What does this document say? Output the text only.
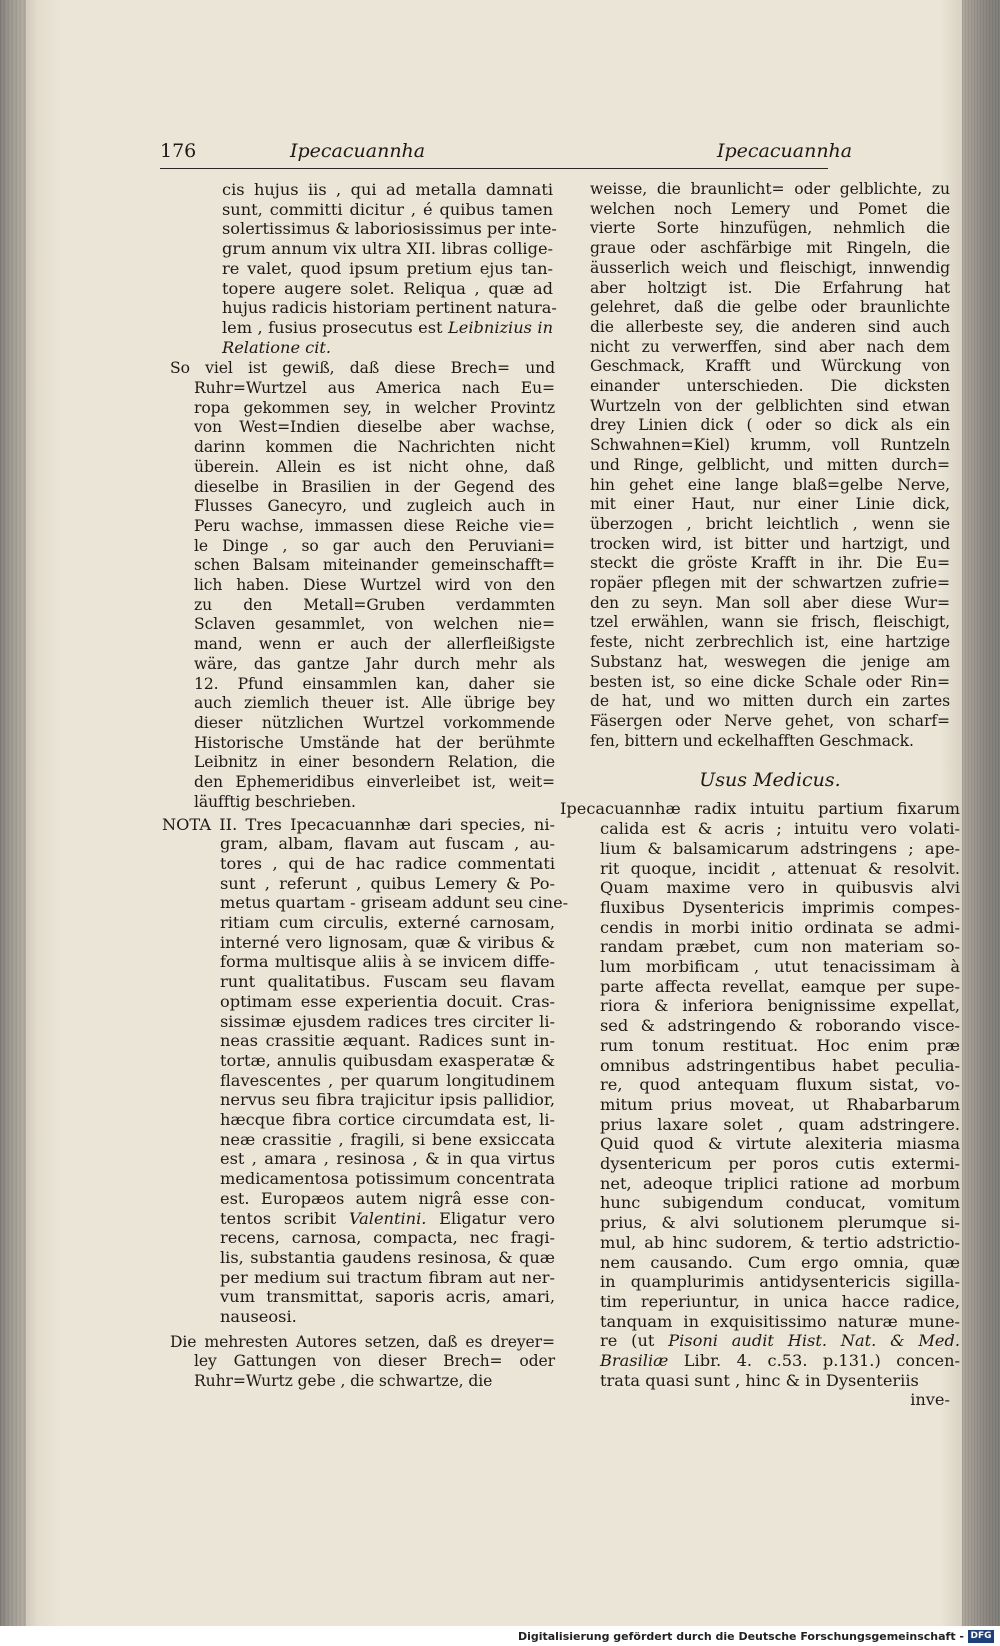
176	Ipecacuannha	Ipecacuannha
cis hujus iis , qui ad metalla damnati
sunt, committi dicitur , é quibus tamen
solertissimus & laboriosissimus per inte-
grum annum vix ultra XII. libras collige-
re valet, quod ipsum pretium ejus tan-
topere augere solet. Reliqua , quæ ad
hujus radicis historiam pertinent natura-
lem , fusius prosecutus est Leibnizius in
Relatione cit.
So viel ist gewiß, daß diese Brech= und
Ruhr=Wurtzel aus America nach Eu=
ropa gekommen sey, in welcher Provintz
von West=Indien dieselbe aber wachse,
darinn kommen die Nachrichten nicht
überein. Allein es ist nicht ohne, daß
dieselbe in Brasilien in der Gegend des
Flusses Ganecyro, und zugleich auch in
Peru wachse, immassen diese Reiche vie=
le Dinge , so gar auch den Peruviani=
schen Balsam miteinander gemeinschafft=
lich haben. Diese Wurtzel wird von den
zu den Metall=Gruben verdammten
Sclaven gesammlet, von welchen nie=
mand, wenn er auch der allerfleißigste
wäre, das gantze Jahr durch mehr als
12. Pfund einsammlen kan, daher sie
auch ziemlich theuer ist. Alle übrige bey
dieser nützlichen Wurtzel vorkommende
Historische Umstände hat der berühmte
Leibnitz in einer besondern Relation, die
den Ephemeridibus einverleibet ist, weit=
läufftig beschrieben.
NOTA II. Tres Ipecacuannhæ dari species, ni-
gram, albam, flavam aut fuscam , au-
tores , qui de hac radice commentati
sunt , referunt , quibus Lemery & Po-
metus quartam - griseam addunt seu cine-
ritiam cum circulis, externé carnosam,
interné vero lignosam, quæ & viribus &
forma multisque aliis à se invicem diffe-
runt qualitatibus. Fuscam seu flavam
optimam esse experientia docuit. Cras-
sissimæ ejusdem radices tres circiter li-
neas crassitie æquant. Radices sunt in-
tortæ, annulis quibusdam exasperatæ &
flavescentes , per quarum longitudinem
nervus seu fibra trajicitur ipsis pallidior,
hæcque fibra cortice circumdata est, li-
neæ crassitie , fragili, si bene exsiccata
est , amara , resinosa , & in qua virtus
medicamentosa potissimum concentrata
est. Europæos autem nigrâ esse con-
tentos scribit Valentini. Eligatur vero
recens, carnosa, compacta, nec fragi-
lis, substantia gaudens resinosa, & quæ
per medium sui tractum fibram aut ner-
vum transmittat, saporis acris, amari,
nauseosi.
Die mehresten Autores setzen, daß es dreyer=
ley Gattungen von dieser Brech= oder
Ruhr=Wurtz gebe , die schwartze, die
weisse, die braunlicht= oder gelblichte, zu
welchen noch Lemery und Pomet die
vierte Sorte hinzufügen, nehmlich die
graue oder aschfärbige mit Ringeln, die
äusserlich weich und fleischigt, innwendig
aber holtzigt ist. Die Erfahrung hat
gelehret, daß die gelbe oder braunlichte
die allerbeste sey, die anderen sind auch
nicht zu verwerffen, sind aber nach dem
Geschmack, Krafft und Würckung von
einander unterschieden. Die dicksten
Wurtzeln von der gelblichten sind etwan
drey Linien dick ( oder so dick als ein
Schwahnen=Kiel) krumm, voll Runtzeln
und Ringe, gelblicht, und mitten durch=
hin gehet eine lange blaß=gelbe Nerve,
mit einer Haut, nur einer Linie dick,
überzogen , bricht leichtlich , wenn sie
trocken wird, ist bitter und hartzigt, und
steckt die gröste Krafft in ihr. Die Eu=
ropäer pflegen mit der schwartzen zufrie=
den zu seyn. Man soll aber diese Wur=
tzel erwählen, wann sie frisch, fleischigt,
feste, nicht zerbrechlich ist, eine hartzige
Substanz hat, weswegen die jenige am
besten ist, so eine dicke Schale oder Rin=
de hat, und wo mitten durch ein zartes
Fäsergen oder Nerve gehet, von scharf=
fen, bittern und eckelhafften Geschmack.
Usus Medicus.
Ipecacuannhæ radix intuitu partium fixarum
calida est & acris ; intuitu vero volati-
lium & balsamicarum adstringens ; ape-
rit quoque, incidit , attenuat & resolvit.
Quam maxime vero in quibusvis alvi
fluxibus Dysentericis imprimis compes-
cendis in morbi initio ordinata se admi-
randam præbet, cum non materiam so-
lum morbificam , utut tenacissimam à
parte affecta revellat, eamque per supe-
riora & inferiora benignissime expellat,
sed & adstringendo & roborando visce-
rum tonum restituat. Hoc enim præ
omnibus adstringentibus habet peculia-
re, quod antequam fluxum sistat, vo-
mitum prius moveat, ut Rhabarbarum
prius laxare solet , quam adstringere.
Quid quod & virtute alexiteria miasma
dysentericum per poros cutis extermi-
net, adeoque triplici ratione ad morbum
hunc subigendum conducat, vomitum
prius, & alvi solutionem plerumque si-
mul, ab hinc sudorem, & tertio adstrictio-
nem causando. Cum ergo omnia, quæ
in quamplurimis antidysentericis sigilla-
tim reperiuntur, in unica hacce radice,
tanquam in exquisitissimo naturæ mune-
re (ut Pisoni audit Hist. Nat. & Med.
Brasiliæ Libr. 4. c.53. p.131.) concen-
trata quasi sunt , hinc & in Dysenteriis
inve-
Digitalisierung gefördert durch die Deutsche Forschungsgemeinschaft - DFG
